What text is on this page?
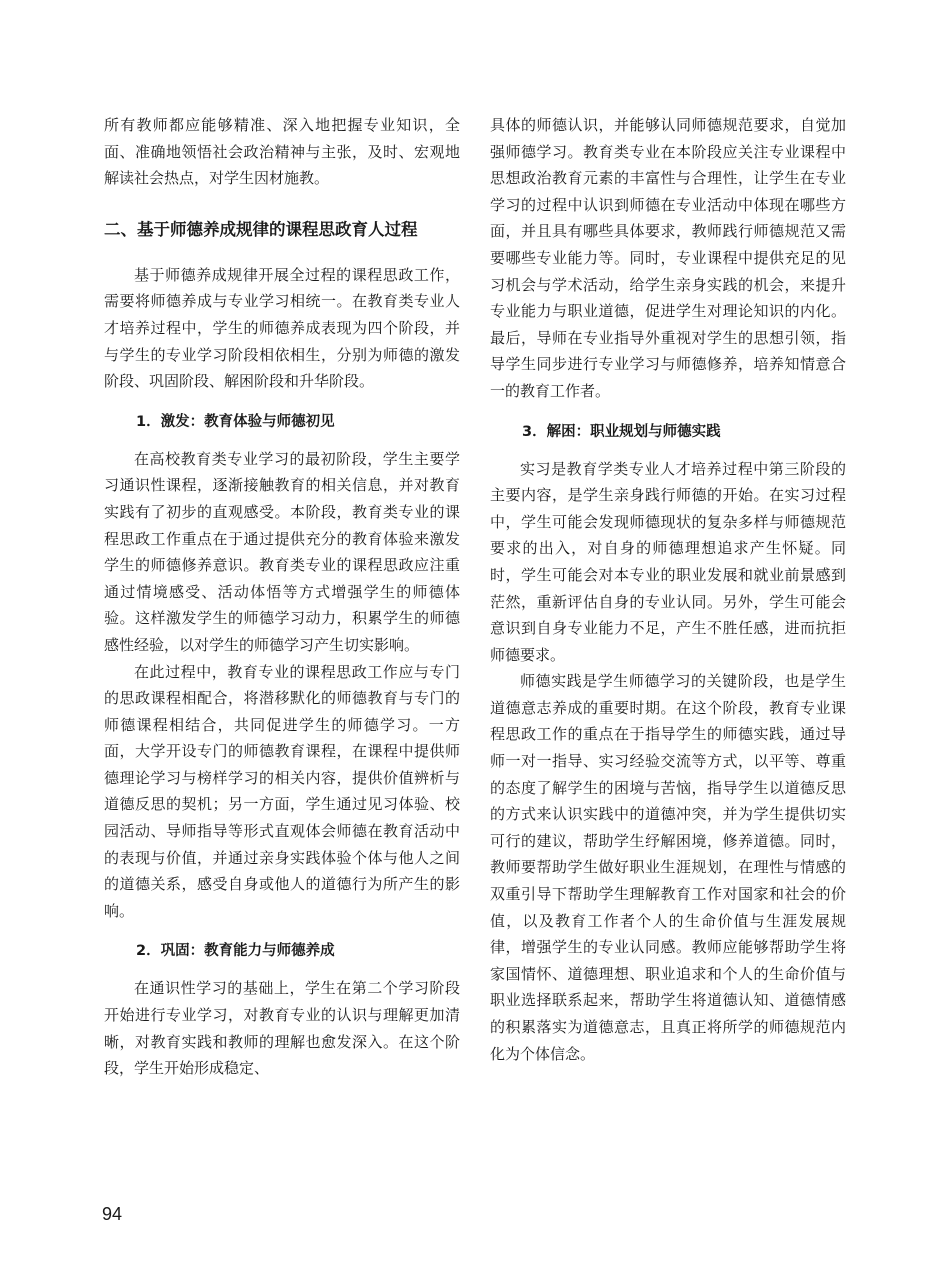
所有教师都应能够精准、深入地把握专业知识，全面、准确地领悟社会政治精神与主张，及时、宏观地解读社会热点，对学生因材施教。

二、基于师德养成规律的课程思政育人过程

基于师德养成规律开展全过程的课程思政工作，需要将师德养成与专业学习相统一。在教育类专业人才培养过程中，学生的师德养成表现为四个阶段，并与学生的专业学习阶段相依相生，分别为师德的激发阶段、巩固阶段、解困阶段和升华阶段。

1．激发：教育体验与师德初见

在高校教育类专业学习的最初阶段，学生主要学习通识性课程，逐渐接触教育的相关信息，并对教育实践有了初步的直观感受。本阶段，教育类专业的课程思政工作重点在于通过提供充分的教育体验来激发学生的师德修养意识。教育类专业的课程思政应注重通过情境感受、活动体悟等方式增强学生的师德体验。这样激发学生的师德学习动力，积累学生的师德感性经验，以对学生的师德学习产生切实影响。

在此过程中，教育专业的课程思政工作应与专门的思政课程相配合，将潜移默化的师德教育与专门的师德课程相结合，共同促进学生的师德学习。一方面，大学开设专门的师德教育课程，在课程中提供师德理论学习与榜样学习的相关内容，提供价值辨析与道德反思的契机；另一方面，学生通过见习体验、校园活动、导师指导等形式直观体会师德在教育活动中的表现与价值，并通过亲身实践体验个体与他人之间的道德关系，感受自身或他人的道德行为所产生的影响。

2．巩固：教育能力与师德养成

在通识性学习的基础上，学生在第二个学习阶段开始进行专业学习，对教育专业的认识与理解更加清晰，对教育实践和教师的理解也愈发深入。在这个阶段，学生开始形成稳定、

具体的师德认识，并能够认同师德规范要求，自觉加强师德学习。教育类专业在本阶段应关注专业课程中思想政治教育元素的丰富性与合理性，让学生在专业学习的过程中认识到师德在专业活动中体现在哪些方面，并且具有哪些具体要求，教师践行师德规范又需要哪些专业能力等。同时，专业课程中提供充足的见习机会与学术活动，给学生亲身实践的机会，来提升专业能力与职业道德，促进学生对理论知识的内化。最后，导师在专业指导外重视对学生的思想引领，指导学生同步进行专业学习与师德修养，培养知情意合一的教育工作者。

3．解困：职业规划与师德实践

实习是教育学类专业人才培养过程中第三阶段的主要内容，是学生亲身践行师德的开始。在实习过程中，学生可能会发现师德现状的复杂多样与师德规范要求的出入，对自身的师德理想追求产生怀疑。同时，学生可能会对本专业的职业发展和就业前景感到茫然，重新评估自身的专业认同。另外，学生可能会意识到自身专业能力不足，产生不胜任感，进而抗拒师德要求。

师德实践是学生师德学习的关键阶段，也是学生道德意志养成的重要时期。在这个阶段，教育专业课程思政工作的重点在于指导学生的师德实践，通过导师一对一指导、实习经验交流等方式，以平等、尊重的态度了解学生的困境与苦恼，指导学生以道德反思的方式来认识实践中的道德冲突，并为学生提供切实可行的建议，帮助学生纾解困境，修养道德。同时，教师要帮助学生做好职业生涯规划，在理性与情感的双重引导下帮助学生理解教育工作对国家和社会的价值，以及教育工作者个人的生命价值与生涯发展规律，增强学生的专业认同感。教师应能够帮助学生将家国情怀、道德理想、职业追求和个人的生命价值与职业选择联系起来，帮助学生将道德认知、道德情感的积累落实为道德意志，且真正将所学的师德规范内化为个体信念。

94
